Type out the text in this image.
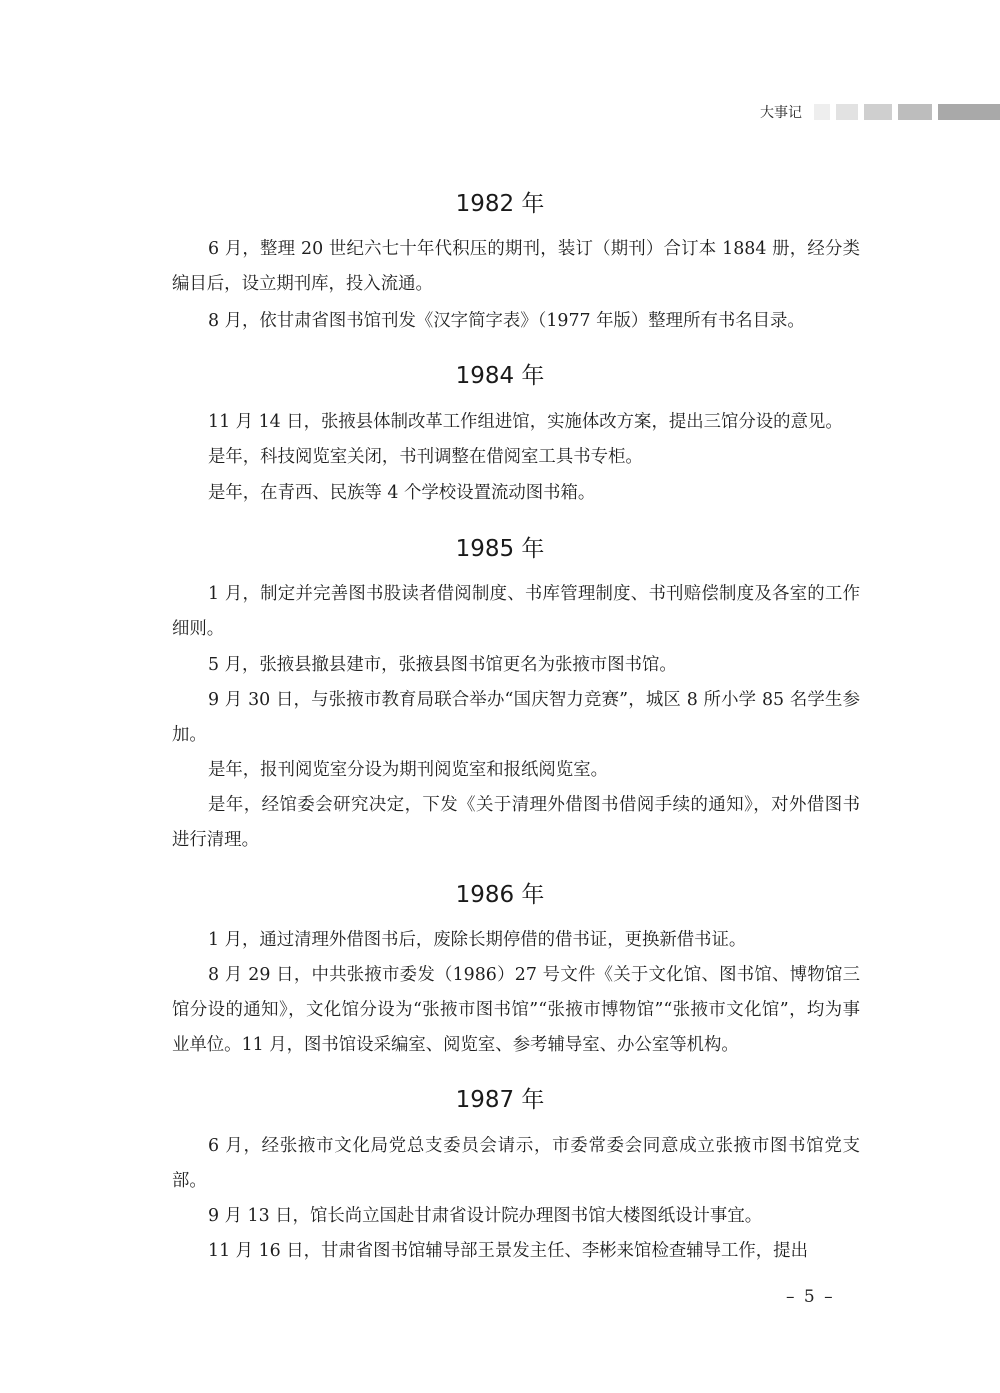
大事记
1982 年

6 月，整理 20 世纪六七十年代积压的期刊，装订（期刊）合订本 1884 册，经分类编目后，设立期刊库，投入流通。

8 月，依甘肃省图书馆刊发《汉字简字表》（1977 年版）整理所有书名目录。

1984 年

11 月 14 日，张掖县体制改革工作组进馆，实施体改方案，提出三馆分设的意见。

是年，科技阅览室关闭，书刊调整在借阅室工具书专柜。

是年，在青西、民族等 4 个学校设置流动图书箱。

1985 年

1 月，制定并完善图书股读者借阅制度、书库管理制度、书刊赔偿制度及各室的工作细则。

5 月，张掖县撤县建市，张掖县图书馆更名为张掖市图书馆。

9 月 30 日，与张掖市教育局联合举办“国庆智力竞赛”，城区 8 所小学 85 名学生参加。

是年，报刊阅览室分设为期刊阅览室和报纸阅览室。

是年，经馆委会研究决定，下发《关于清理外借图书借阅手续的通知》，对外借图书进行清理。

1986 年

1 月，通过清理外借图书后，废除长期停借的借书证，更换新借书证。

8 月 29 日，中共张掖市委发（1986）27 号文件《关于文化馆、图书馆、博物馆三馆分设的通知》，文化馆分设为“张掖市图书馆”“张掖市博物馆”“张掖市文化馆”，均为事业单位。11 月，图书馆设采编室、阅览室、参考辅导室、办公室等机构。

1987 年

6 月，经张掖市文化局党总支委员会请示，市委常委会同意成立张掖市图书馆党支部。

9 月 13 日，馆长尚立国赴甘肃省设计院办理图书馆大楼图纸设计事宜。

11 月 16 日，甘肃省图书馆辅导部王景发主任、李彬来馆检查辅导工作，提出

– 5 –
